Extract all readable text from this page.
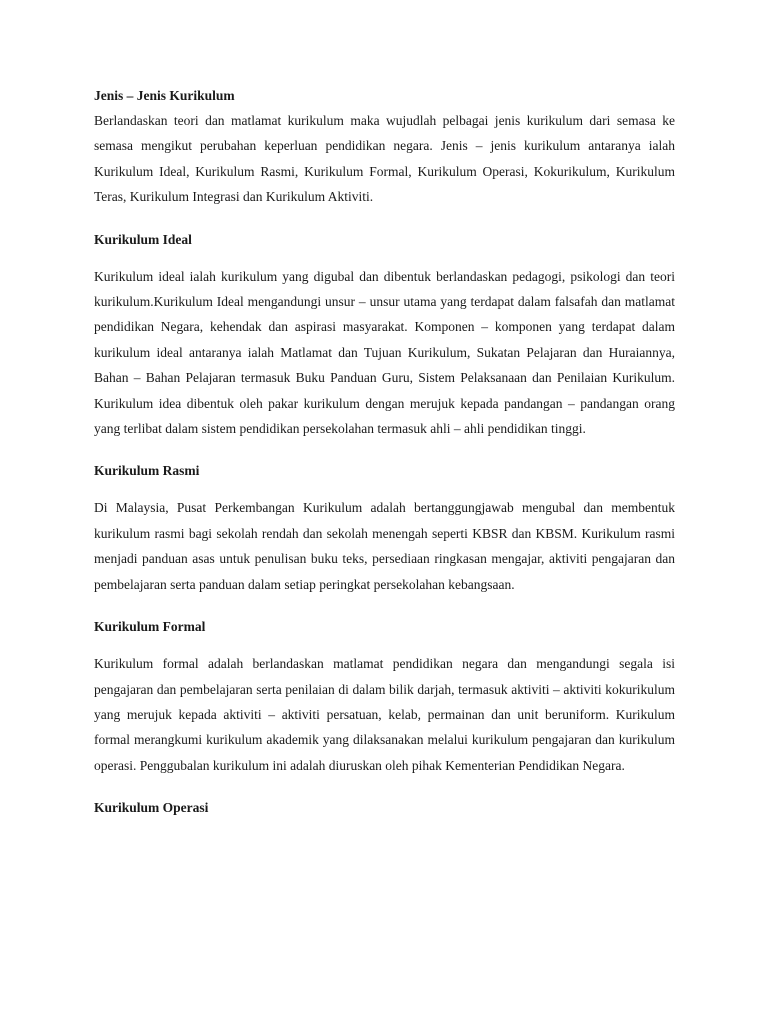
Jenis – Jenis Kurikulum

Berlandaskan teori dan matlamat kurikulum maka wujudlah pelbagai jenis kurikulum dari semasa ke semasa mengikut perubahan keperluan pendidikan negara. Jenis – jenis kurikulum antaranya ialah Kurikulum Ideal, Kurikulum Rasmi, Kurikulum Formal, Kurikulum Operasi, Kokurikulum, Kurikulum Teras, Kurikulum Integrasi dan Kurikulum Aktiviti.

Kurikulum Ideal

Kurikulum ideal ialah kurikulum yang digubal dan dibentuk berlandaskan pedagogi, psikologi dan teori kurikulum.Kurikulum Ideal mengandungi unsur – unsur utama yang terdapat dalam falsafah dan matlamat pendidikan Negara, kehendak dan aspirasi masyarakat. Komponen – komponen yang terdapat dalam kurikulum ideal antaranya ialah Matlamat dan Tujuan Kurikulum, Sukatan Pelajaran dan Huraiannya, Bahan – Bahan Pelajaran termasuk Buku Panduan Guru, Sistem Pelaksanaan dan Penilaian Kurikulum. Kurikulum idea dibentuk oleh pakar kurikulum dengan merujuk kepada pandangan – pandangan orang yang terlibat dalam sistem pendidikan persekolahan termasuk ahli – ahli pendidikan tinggi.

Kurikulum Rasmi

Di Malaysia, Pusat Perkembangan Kurikulum adalah bertanggungjawab mengubal dan membentuk kurikulum rasmi bagi sekolah rendah dan sekolah menengah seperti KBSR dan KBSM. Kurikulum rasmi menjadi panduan asas untuk penulisan buku teks, persediaan ringkasan mengajar, aktiviti pengajaran dan pembelajaran serta panduan dalam setiap peringkat persekolahan kebangsaan.

Kurikulum Formal

Kurikulum formal adalah berlandaskan matlamat pendidikan negara dan mengandungi segala isi pengajaran dan pembelajaran serta penilaian di dalam bilik darjah, termasuk aktiviti – aktiviti kokurikulum yang merujuk kepada aktiviti – aktiviti persatuan, kelab, permainan dan unit beruniform. Kurikulum formal merangkumi kurikulum akademik yang dilaksanakan melalui kurikulum pengajaran dan kurikulum operasi. Penggubalan kurikulum ini adalah diuruskan oleh pihak Kementerian Pendidikan Negara.

Kurikulum Operasi
